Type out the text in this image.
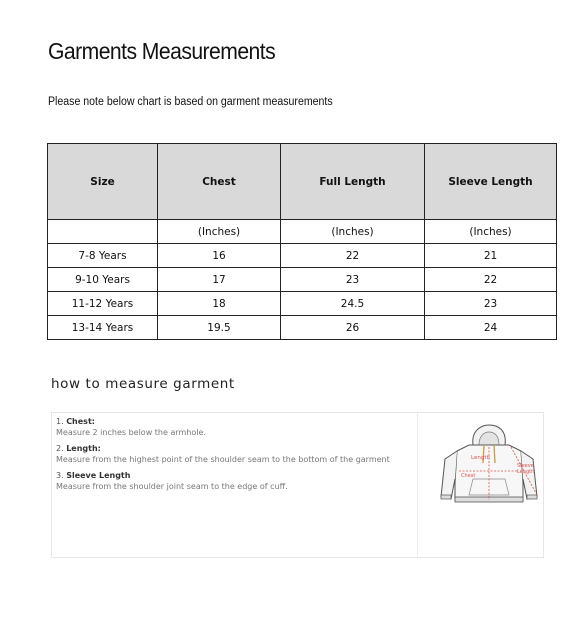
Garments Measurements
Please note below chart is based on garment measurements
Size	Chest	Full Length	Sleeve Length
	(Inches)	(Inches)	(Inches)
7-8 Years	16	22	21
9-10 Years	17	23	22
11-12 Years	18	24.5	23
13-14 Years	19.5	26	24
how to measure garment
1. Chest:
Measure 2 inches below the armhole.
2. Length:
Measure from the highest point of the shoulder seam to the bottom of the garment
3. Sleeve Length
Measure from the shoulder joint seam to the edge of cuff.
Length
Chest
Sleeve
Length
